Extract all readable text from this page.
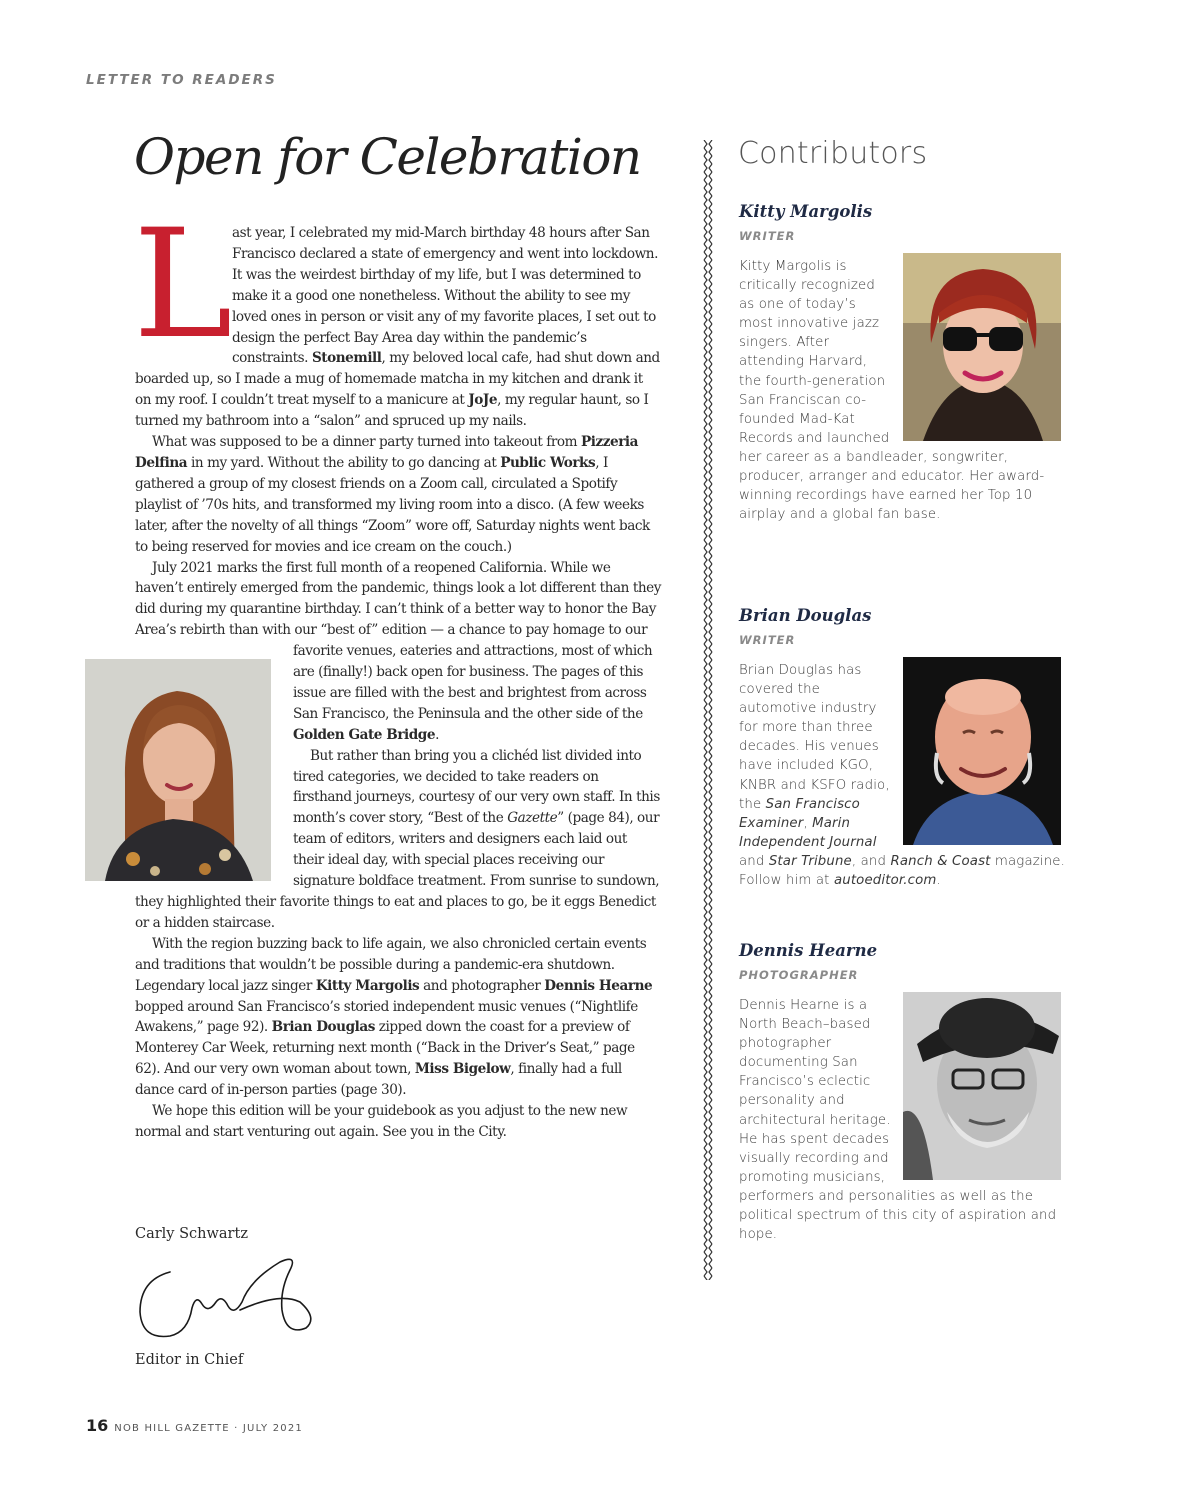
LETTER TO READERS

Open for Celebration
L ast year, I celebrated my mid-March birthday 48 hours after San Francisco declared a state of emergency and went into lockdown. It was the weirdest birthday of my life, but I was determined to make it a good one nonetheless. Without the ability to see my loved ones in person or visit any of my favorite places, I set out to design the perfect Bay Area day within the pandemic’s constraints. Stonemill, my beloved local cafe, had shut down and boarded up, so I made a mug of homemade matcha in my kitchen and drank it on my roof. I couldn’t treat myself to a manicure at JoJe, my regular haunt, so I turned my bathroom into a “salon” and spruced up my nails.

What was supposed to be a dinner party turned into takeout from Pizzeria Delfina in my yard. Without the ability to go dancing at Public Works, I gathered a group of my closest friends on a Zoom call, circulated a Spotify playlist of ’70s hits, and transformed my living room into a disco. (A few weeks later, after the novelty of all things “Zoom” wore off, Saturday nights went back to being reserved for movies and ice cream on the couch.)

July 2021 marks the first full month of a reopened California. While we haven’t entirely emerged from the pandemic, things look a lot different than they did during my quarantine birthday. I can’t think of a better way to honor the Bay Area’s rebirth than with our “best of” edition — a chance to pay homage to our favorite venues, eateries and attractions, most of which are (finally!) back open for business. The pages of this issue are filled with the best and brightest from across San Francisco, the Peninsula and the other side of the Golden Gate Bridge.

But rather than bring you a clichéd list divided into tired categories, we decided to take readers on firsthand journeys, courtesy of our very own staff. In this month’s cover story, “Best of the Gazette” (page 84), our team of editors, writers and designers each laid out their ideal day, with special places receiving our signature boldface treatment. From sunrise to sundown, they highlighted their favorite things to eat and places to go, be it eggs Benedict or a hidden staircase.

With the region buzzing back to life again, we also chronicled certain events and traditions that wouldn’t be possible during a pandemic-era shutdown. Legendary local jazz singer Kitty Margolis and photographer Dennis Hearne bopped around San Francisco’s storied independent music venues (“Nightlife Awakens,” page 92). Brian Douglas zipped down the coast for a preview of Monterey Car Week, returning next month (“Back in the Driver’s Seat,” page 62). And our very own woman about town, Miss Bigelow, finally had a full dance card of in-person parties (page 30).

We hope this edition will be your guidebook as you adjust to the new new normal and start venturing out again. See you in the City.

Carly Schwartz

Editor in Chief

16 NOB HILL GAZETTE · JULY 2021
Contributors

Kitty Margolis

WRITER

Kitty Margolis is critically recognized as one of today’s most innovative jazz singers. After attending Harvard, the fourth-generation San Franciscan co-founded Mad-Kat Records and launched her career as a bandleader, songwriter, producer, arranger and educator. Her award-winning recordings have earned her Top 10 airplay and a global fan base.

Brian Douglas

WRITER

Brian Douglas has covered the automotive industry for more than three decades. His venues have included KGO, KNBR and KSFO radio, the San Francisco Examiner, Marin Independent Journal and Star Tribune, and Ranch & Coast magazine. Follow him at autoeditor.com.

Dennis Hearne

PHOTOGRAPHER

Dennis Hearne is a North Beach–based photographer documenting San Francisco’s eclectic personality and architectural heritage. He has spent decades visually recording and promoting musicians, performers and personalities as well as the political spectrum of this city of aspiration and hope.
